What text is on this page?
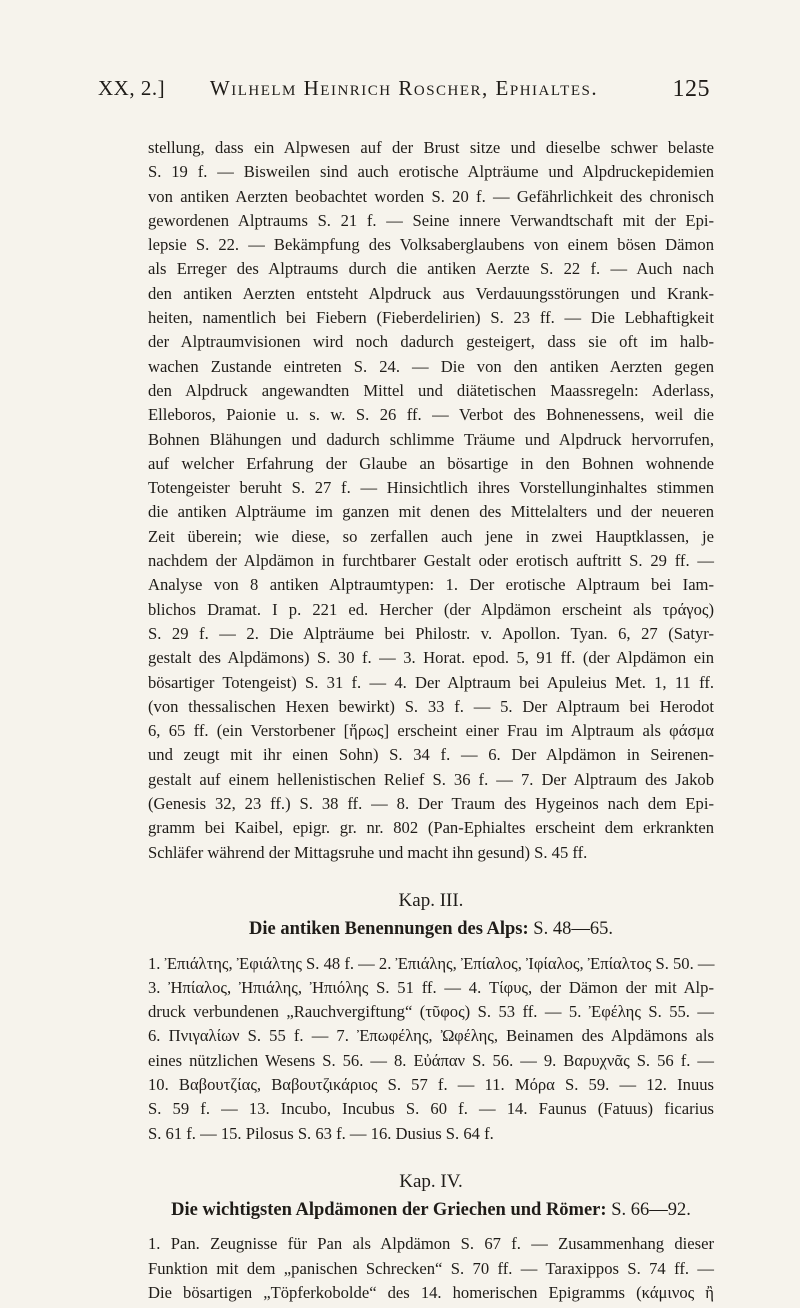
XX, 2.]	Wilhelm Heinrich Roscher, Ephialtes.	125

stellung, dass ein Alpwesen auf der Brust sitze und dieselbe schwer belaste
S. 19 f. — Bisweilen sind auch erotische Alpträume und Alpdruckepidemien
von antiken Aerzten beobachtet worden S. 20 f. — Gefährlichkeit des chronisch
gewordenen Alptraums S. 21 f. — Seine innere Verwandtschaft mit der Epi-
lepsie S. 22. — Bekämpfung des Volksaberglaubens von einem bösen Dämon
als Erreger des Alptraums durch die antiken Aerzte S. 22 f. — Auch nach
den antiken Aerzten entsteht Alpdruck aus Verdauungsstörungen und Krank-
heiten, namentlich bei Fiebern (Fieberdelirien) S. 23 ff. — Die Lebhaftigkeit
der Alptraumvisionen wird noch dadurch gesteigert, dass sie oft im halb-
wachen Zustande eintreten S. 24. — Die von den antiken Aerzten gegen
den Alpdruck angewandten Mittel und diätetischen Maassregeln: Aderlass,
Elleboros, Paionie u. s. w. S. 26 ff. — Verbot des Bohnenessens, weil die
Bohnen Blähungen und dadurch schlimme Träume und Alpdruck hervorrufen,
auf welcher Erfahrung der Glaube an bösartige in den Bohnen wohnende
Totengeister beruht S. 27 f. — Hinsichtlich ihres Vorstellunginhaltes stimmen
die antiken Alpträume im ganzen mit denen des Mittelalters und der neueren
Zeit überein; wie diese, so zerfallen auch jene in zwei Hauptklassen, je
nachdem der Alpdämon in furchtbarer Gestalt oder erotisch auftritt S. 29 ff. —
Analyse von 8 antiken Alptraumtypen: 1. Der erotische Alptraum bei Iam-
blichos Dramat. I p. 221 ed. Hercher (der Alpdämon erscheint als τράγος)
S. 29 f. — 2. Die Alpträume bei Philostr. v. Apollon. Tyan. 6, 27 (Satyr-
gestalt des Alpdämons) S. 30 f. — 3. Horat. epod. 5, 91 ff. (der Alpdämon ein
bösartiger Totengeist) S. 31 f. — 4. Der Alptraum bei Apuleius Met. 1, 11 ff.
(von thessalischen Hexen bewirkt) S. 33 f. — 5. Der Alptraum bei Herodot
6, 65 ff. (ein Verstorbener [ἥρως] erscheint einer Frau im Alptraum als φάσμα
und zeugt mit ihr einen Sohn) S. 34 f. — 6. Der Alpdämon in Seirenen-
gestalt auf einem hellenistischen Relief S. 36 f. — 7. Der Alptraum des Jakob
(Genesis 32, 23 ff.) S. 38 ff. — 8. Der Traum des Hygeinos nach dem Epi-
gramm bei Kaibel, epigr. gr. nr. 802 (Pan-Ephialtes erscheint dem erkrankten
Schläfer während der Mittagsruhe und macht ihn gesund) S. 45 ff.

Kap. III.
Die antiken Benennungen des Alps: S. 48—65.
1. Ἐπιάλτης, Ἐφιάλτης S. 48 f. — 2. Ἐπιάλης, Ἐπίαλος, Ἰφίαλος, Ἐπίαλτος S. 50. —
3. Ἠπίαλος, Ἠπιάλης, Ἠπιόλης S. 51 ff. — 4. Τίφυς, der Dämon der mit Alp-
druck verbundenen „Rauchvergiftung“ (τῦφος) S. 53 ff. — 5. Ἐφέλης S. 55. —
6. Πνιγαλίων S. 55 f. — 7. Ἐπωφέλης, Ὠφέλης, Beinamen des Alpdämons als
eines nützlichen Wesens S. 56. — 8. Εὐάπαν S. 56. — 9. Βαρυχνᾶς S. 56 f. —
10. Βαβουτζίας, Βαβουτζικάριος S. 57 f. — 11. Μόρα S. 59. — 12. Inuus
S. 59 f. — 13. Incubo, Incubus S. 60 f. — 14. Faunus (Fatuus) ficarius
S. 61 f. — 15. Pilosus S. 63 f. — 16. Dusius S. 64 f.
Kap. IV.
Die wichtigsten Alpdämonen der Griechen und Römer: S. 66—92.
1. Pan. Zeugnisse für Pan als Alpdämon S. 67 f. — Zusammenhang dieser
Funktion mit dem „panischen Schrecken“ S. 70 ff. — Taraxippos S. 74 ff. —
Die bösartigen „Töpferkobolde“ des 14. homerischen Epigramms (κάμινος ἢ
